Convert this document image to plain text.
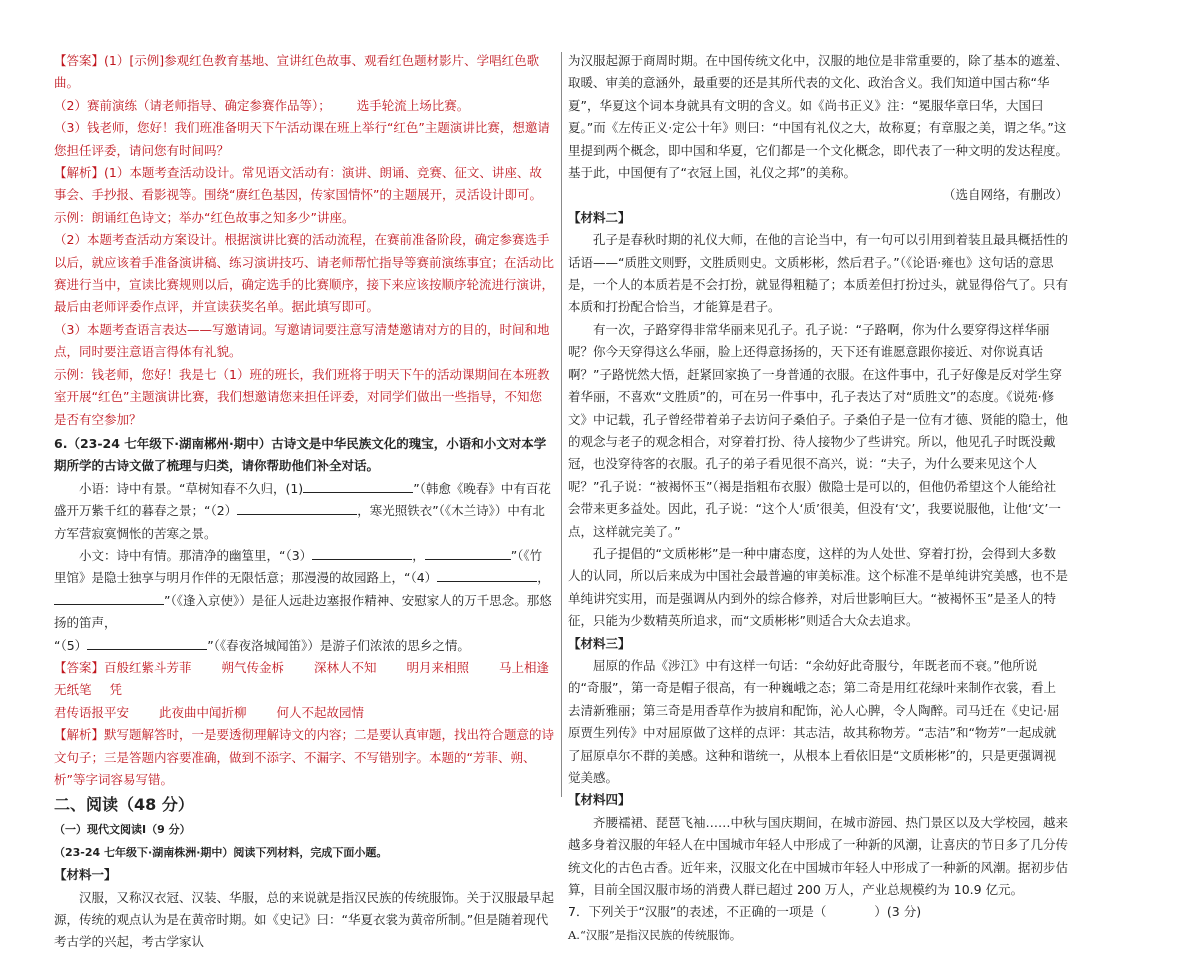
【答案】(1）[示例]参观红色教育基地、宣讲红色故事、观看红色题材影片、学唱红色歌曲。

（2）赛前演练（请老师指导、确定参赛作品等）； 选手轮流上场比赛。

（3）钱老师，您好！我们班准备明天下午活动课在班上举行“红色”主题演讲比赛，想邀请您担任评委，请问您有时间吗？

【解析】(1）本题考查活动设计。常见语文活动有：演讲、朗诵、竞赛、征文、讲座、故事会、手抄报、看影视等。围绕“赓红色基因，传家国情怀”的主题展开，灵活设计即可。

示例：朗诵红色诗文；举办“红色故事之知多少”讲座。

（2）本题考查活动方案设计。根据演讲比赛的活动流程，在赛前准备阶段，确定参赛选手以后，就应该着手准备演讲稿、练习演讲技巧、请老师帮忙指导等赛前演练事宜；在活动比赛进行当中，宣读比赛规则以后，确定选手的比赛顺序，接下来应该按顺序轮流进行演讲，最后由老师评委作点评，并宣读获奖名单。据此填写即可。

（3）本题考查语言表达——写邀请词。写邀请词要注意写清楚邀请对方的目的，时间和地点，同时要注意语言得体有礼貌。

示例：钱老师，您好！我是七（1）班的班长，我们班将于明天下午的活动课期间在本班教室开展“红色”主题演讲比赛，我们想邀请您来担任评委，对同学们做出一些指导，不知您是否有空参加？

6.（23-24 七年级下·湖南郴州·期中）古诗文是中华民族文化的瑰宝，小语和小文对本学期所学的古诗文做了梳理与归类，请你帮助他们补全对话。

小语：诗中有景。“草树知春不久归，(1)	”（韩愈《晚春》中有百花盛开万紫千红的暮春之景；“（2）	，寒光照铁衣”（《木兰诗》）中有北方军营寂寞惆怅的苦寒之景。

小文：诗中有情。那清净的幽篁里，“（3）	，	”（《竹里馆》是隐士独享与明月作伴的无限恬意；那漫漫的故园路上，“（4）	，”（《逢入京使》）是征人远赴边塞报作精神、安慰家人的万千思念。那悠扬的笛声，

“（5）	”（《春夜洛城闻笛》）是游子们浓浓的思乡之情。

【答案】百般红紫斗芳菲 朔气传金柝 深林人不知 明月来相照 马上相逢无纸笔 凭
君传语报平安 此夜曲中闻折柳 何人不起故园情

【解析】默写题解答时，一是要透彻理解诗文的内容；二是要认真审题，找出符合题意的诗文句子；三是答题内容要准确，做到不添字、不漏字、不写错别字。本题的“芳菲、朔、析”等字词容易写错。

二、阅读（48 分）

（一）现代文阅读Ⅰ（9 分）

（23-24 七年级下·湖南株洲·期中）阅读下列材料，完成下面小题。

【材料一】

汉服，又称汉衣冠、汉装、华服，总的来说就是指汉民族的传统服饰。关于汉服最早起源，传统的观点认为是在黄帝时期。如《史记》曰：“华夏衣裳为黄帝所制。”但是随着现代考古学的兴起，考古学家认

为汉服起源于商周时期。在中国传统文化中，汉服的地位是非常重要的，除了基本的遮羞、取暖、审美的意涵外，最重要的还是其所代表的文化、政治含义。我们知道中国古称“华夏”，华夏这个词本身就具有文明的含义。如《尚书正义》注：“冕服华章曰华，大国曰夏。”而《左传正义·定公十年》则曰：“中国有礼仪之大，故称夏；有章服之美，谓之华。”这里提到两个概念，即中国和华夏，它们都是一个文化概念，即代表了一种文明的发达程度。基于此，中国便有了“衣冠上国，礼仪之邦”的美称。

（选自网络，有删改）

【材料二】

孔子是春秋时期的礼仪大师，在他的言论当中，有一句可以引用到着装且最具概括性的话语——“质胜文则野，文胜质则史。文质彬彬，然后君子。”（《论语·雍也》这句话的意思是，一个人的本质若是不会打扮，就显得粗糙了；本质差但打扮过头，就显得俗气了。只有本质和打扮配合恰当，才能算是君子。

有一次，子路穿得非常华丽来见孔子。孔子说：“子路啊，你为什么要穿得这样华丽呢？你今天穿得这么华丽，脸上还得意扬扬的，天下还有谁愿意跟你接近、对你说真话啊？”子路恍然大悟，赶紧回家换了一身普通的衣服。在这件事中，孔子好像是反对学生穿着华丽，不喜欢“文胜质”的，可在另一件事中，孔子表达了对“质胜文”的态度。《说苑·修文》中记载，孔子曾经带着弟子去访问子桑伯子。子桑伯子是一位有才德、贤能的隐士，他的观念与老子的观念相合，对穿着打扮、待人接物少了些讲究。所以，他见孔子时既没戴冠，也没穿待客的衣服。孔子的弟子看见很不高兴，说：“夫子，为什么要来见这个人呢？”孔子说：“被褐怀玉”（褐是指粗布衣服）傲隐士是可以的，但他仍希望这个人能给社会带来更多益处。因此，孔子说：“这个人‘质’很美，但没有‘文’，我要说服他，让他‘文’一点，这样就完美了。”

孔子提倡的“文质彬彬”是一种中庸态度，这样的为人处世、穿着打扮，会得到大多数人的认同，所以后来成为中国社会最普遍的审美标准。这个标准不是单纯讲究美感，也不是单纯讲究实用，而是强调从内到外的综合修养，对后世影响巨大。“被褐怀玉”是圣人的特征，只能为少数精英所追求，而“文质彬彬”则适合大众去追求。

【材料三】

屈原的作品《涉江》中有这样一句话：“余幼好此奇服兮，年既老而不衰。”他所说的“奇服”，第一奇是帽子很高，有一种巍峨之态；第二奇是用红花绿叶来制作衣裳，看上去清新雅丽；第三奇是用香草作为披肩和配饰，沁人心脾，令人陶醉。司马迁在《史记·屈原贾生列传》中对屈原做了这样的点评：其志洁，故其称物芳。“志洁”和“物芳”一起成就了屈原卓尔不群的美感。这种和谐统一，从根本上看依旧是“文质彬彬”的，只是更强调视觉美感。

【材料四】

齐腰襦裙、琵琶飞袖……中秋与国庆期间，在城市游园、热门景区以及大学校园，越来越多身着汉服的年轻人在中国城市年轻人中形成了一种新的风潮，让喜庆的节日多了几分传统文化的古色古香。近年来，汉服文化在中国城市年轻人中形成了一种新的风潮。据初步估算，目前全国汉服市场的消费人群已超过 200 万人，产业总规模约为 10.9 亿元。

7．下列关于“汉服”的表述，不正确的一项是（	）(3 分)

A.“汉服”是指汉民族的传统服饰。
